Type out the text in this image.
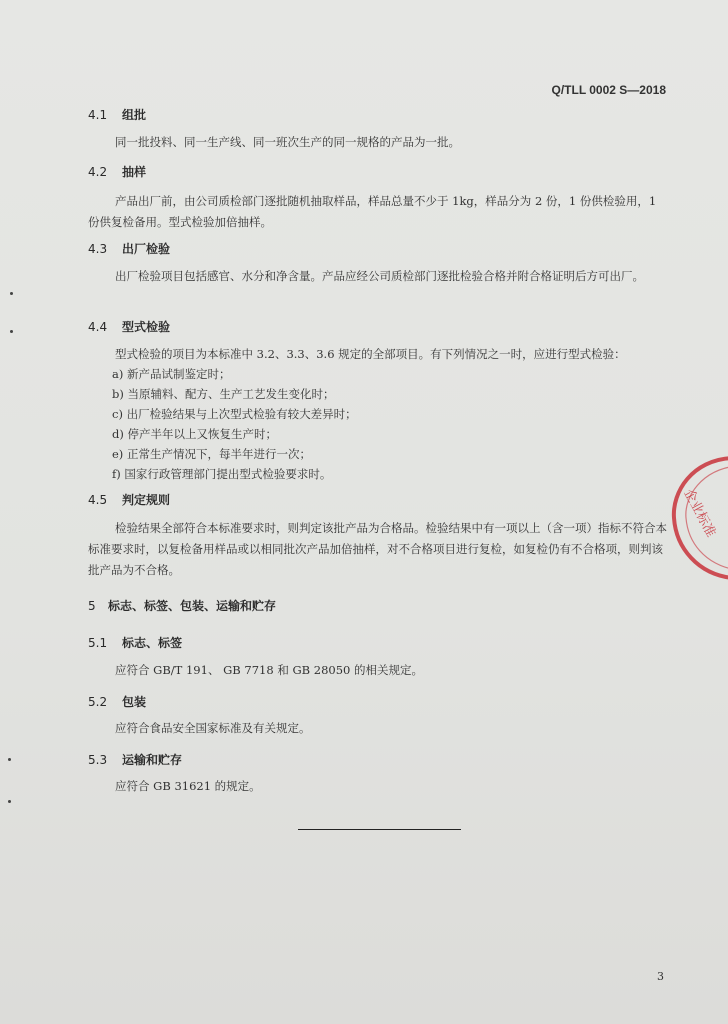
Q/TLL 0002 S—2018
4.1 组批
同一批投料、同一生产线、同一班次生产的同一规格的产品为一批。
4.2 抽样
产品出厂前，由公司质检部门逐批随机抽取样品，样品总量不少于 1kg，样品分为 2 份，1 份供检验用，1 份供复检备用。型式检验加倍抽样。
4.3 出厂检验
出厂检验项目包括感官、水分和净含量。产品应经公司质检部门逐批检验合格并附合格证明后方可出厂。
4.4 型式检验
型式检验的项目为本标准中 3.2、3.3、3.6 规定的全部项目。有下列情况之一时，应进行型式检验：
a) 新产品试制鉴定时；
b) 当原辅料、配方、生产工艺发生变化时；
c) 出厂检验结果与上次型式检验有较大差异时；
d) 停产半年以上又恢复生产时；
e) 正常生产情况下，每半年进行一次；
f) 国家行政管理部门提出型式检验要求时。
4.5 判定规则
检验结果全部符合本标准要求时，则判定该批产品为合格品。检验结果中有一项以上（含一项）指标不符合本标准要求时，以复检备用样品或以相同批次产品加倍抽样，对不合格项目进行复检，如复检仍有不合格项，则判该批产品为不合格。
5 标志、标签、包装、运输和贮存
5.1 标志、标签
应符合 GB/T 191、 GB 7718 和 GB 28050 的相关规定。
5.2 包装
应符合食品安全国家标准及有关规定。
5.3 运输和贮存
应符合 GB 31621 的规定。
3
企业标准
